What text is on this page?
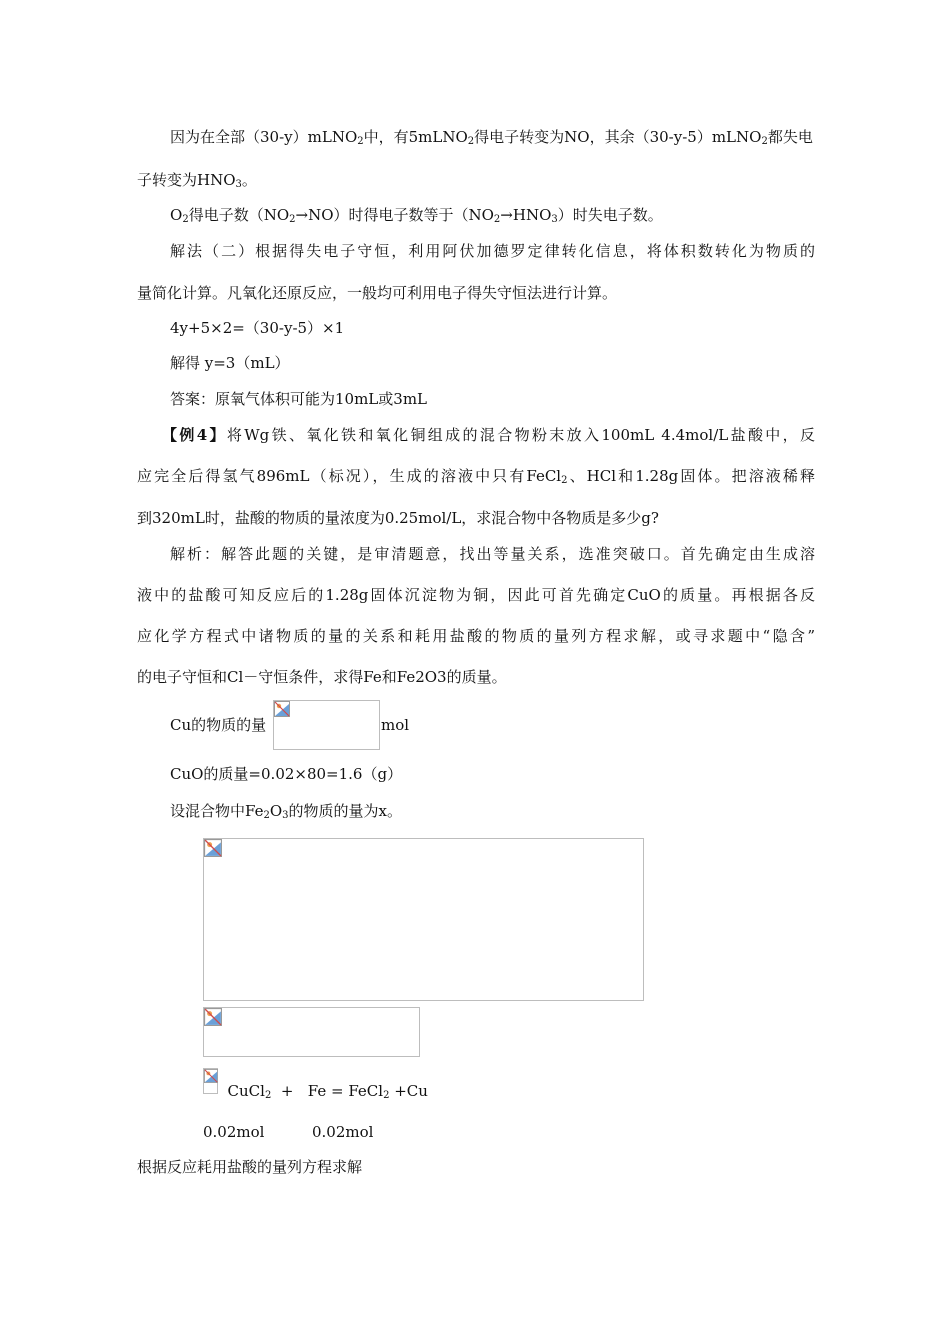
因为在全部（30-y）mLNO$_2$中，有5mLNO$_2$得电子转变为NO，其余（30-y-5）mLNO$_2$都失电
子转变为$HNO_3$。
$O_2$得电子数$(NO_2\to NO)$时得电子数等于$(NO_2\to HNO_3)$时失电子数。
解法（二）根据得失电子守恒，利用阿伏加德罗定律转化信息，将体积数转化为物质的
量简化计算。凡氧化还原反应，一般均可利用电子得失守恒法进行计算。
4y+5×2=（30-y-5）×1
解得 y=3（mL）
答案：原氧气体积可能为10mL或3mL
【例4】将Wg铁、氧化铁和氧化铜组成的混合物粉末放入100mL 4.4mol/L盐酸中，反
应完全后得氢气896mL（标况），生成的溶液中只有FeCl$_2$、HCl和1.28g固体。把溶液稀释
到320mL时，盐酸的物质的量浓度为0.25mol/L，求混合物中各物质是多少g?
解析：解答此题的关键，是审清题意，找出等量关系，选准突破口。首先确定由生成溶
液中的盐酸可知反应后的1.28g固体沉淀物为铜，因此可首先确定CuO的质量。再根据各反
应化学方程式中诸物质的量的关系和耗用盐酸的物质的量列方程求解，或寻求题中“隐含”
的电子守恒和Cl－守恒条件，求得Fe和Fe2O3的质量。
Cu的物质的量	mol
CuO的质量=0.02×80=1.6（g）
设混合物中$Fe_2O_3$的物质的量为x。

CuCl$_2$  +   Fe = FeCl$_2$ +Cu

0.02mol	0.02mol
根据反应耗用盐酸的量列方程求解
